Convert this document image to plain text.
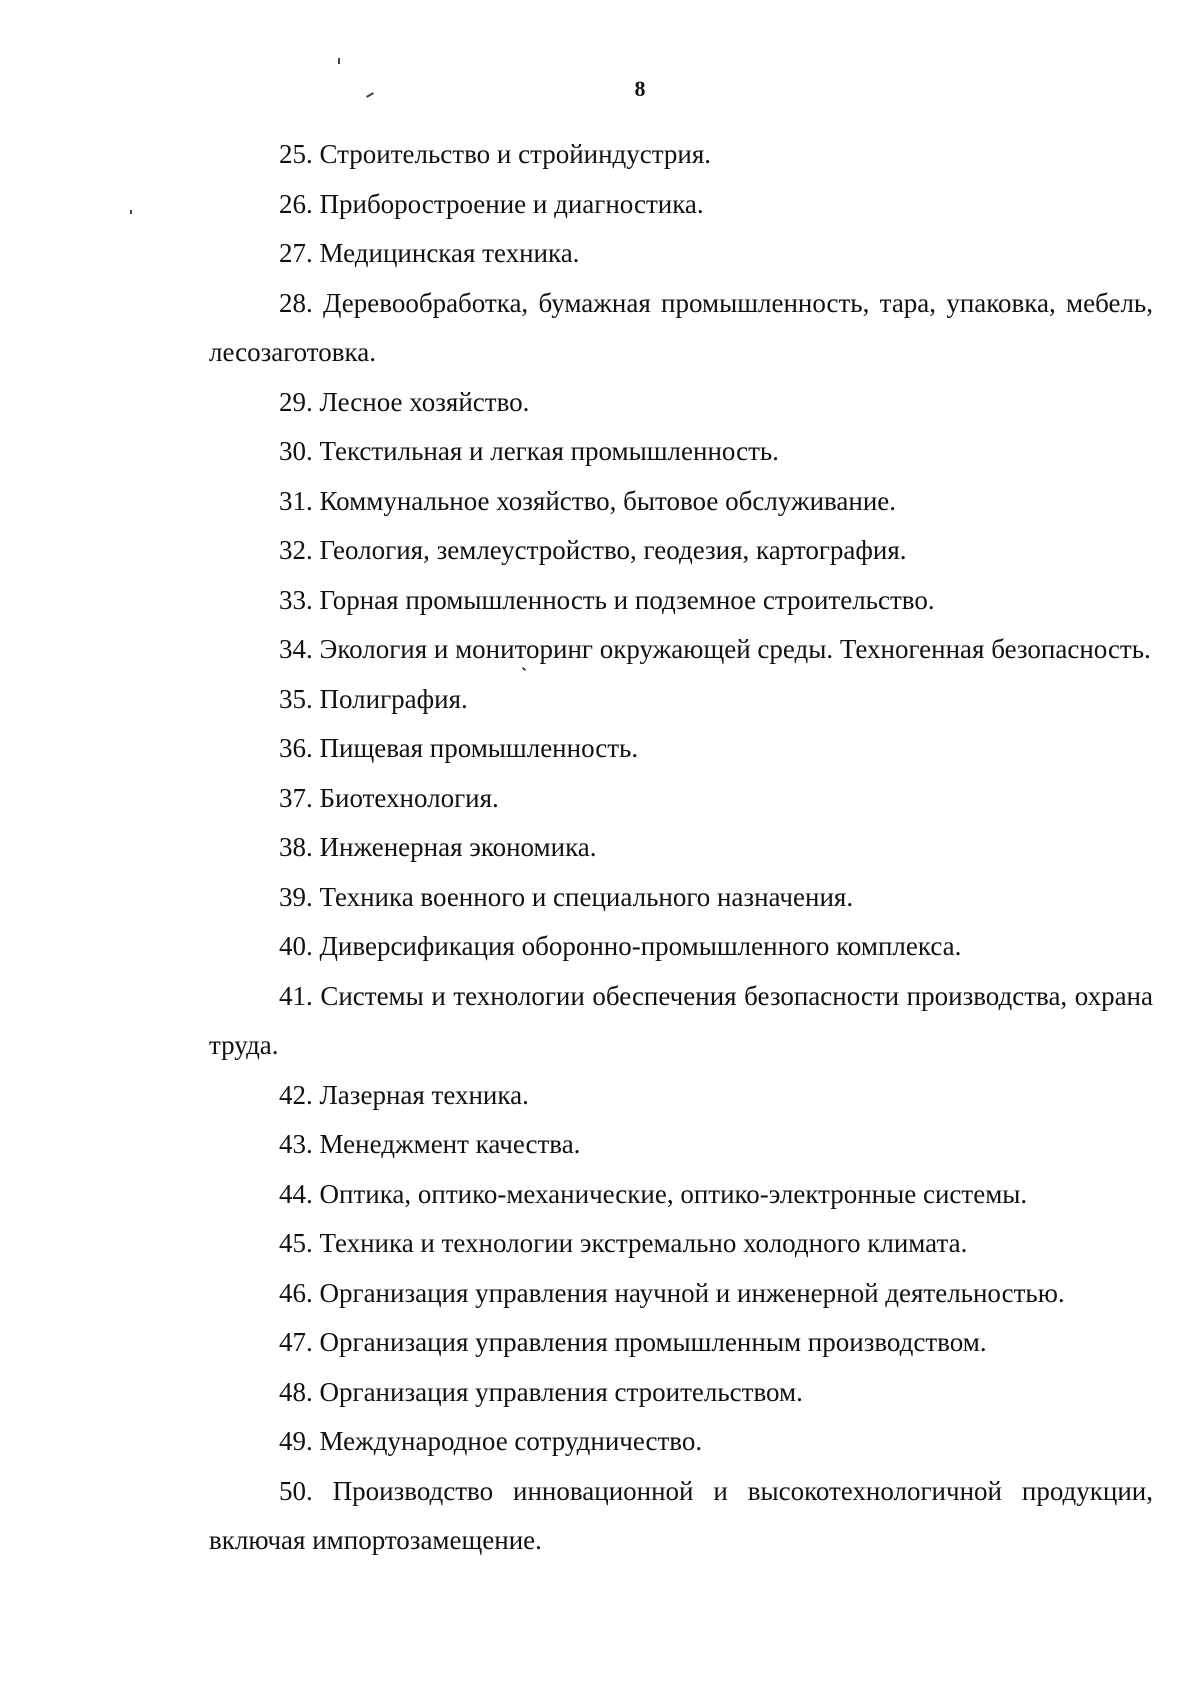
8
25. Строительство и стройиндустрия.
26. Приборостроение и диагностика.
27. Медицинская техника.
28. Деревообработка, бумажная промышленность, тара, упаковка, мебель, лесозаготовка.
29. Лесное хозяйство.
30. Текстильная и легкая промышленность.
31. Коммунальное хозяйство, бытовое обслуживание.
32. Геология, землеустройство, геодезия, картография.
33. Горная промышленность и подземное строительство.
34. Экология и мониторинг окружающей среды. Техногенная безопасность.
35. Полиграфия.
36. Пищевая промышленность.
37. Биотехнология.
38. Инженерная экономика.
39. Техника военного и специального назначения.
40. Диверсификация оборонно-промышленного комплекса.
41. Системы и технологии обеспечения безопасности производства, охрана труда.
42. Лазерная техника.
43. Менеджмент качества.
44. Оптика, оптико-механические, оптико-электронные системы.
45. Техника и технологии экстремально холодного климата.
46. Организация управления научной и инженерной деятельностью.
47. Организация управления промышленным производством.
48. Организация управления строительством.
49. Международное сотрудничество.
50. Производство инновационной и высокотехнологичной продукции, включая импортозамещение.
